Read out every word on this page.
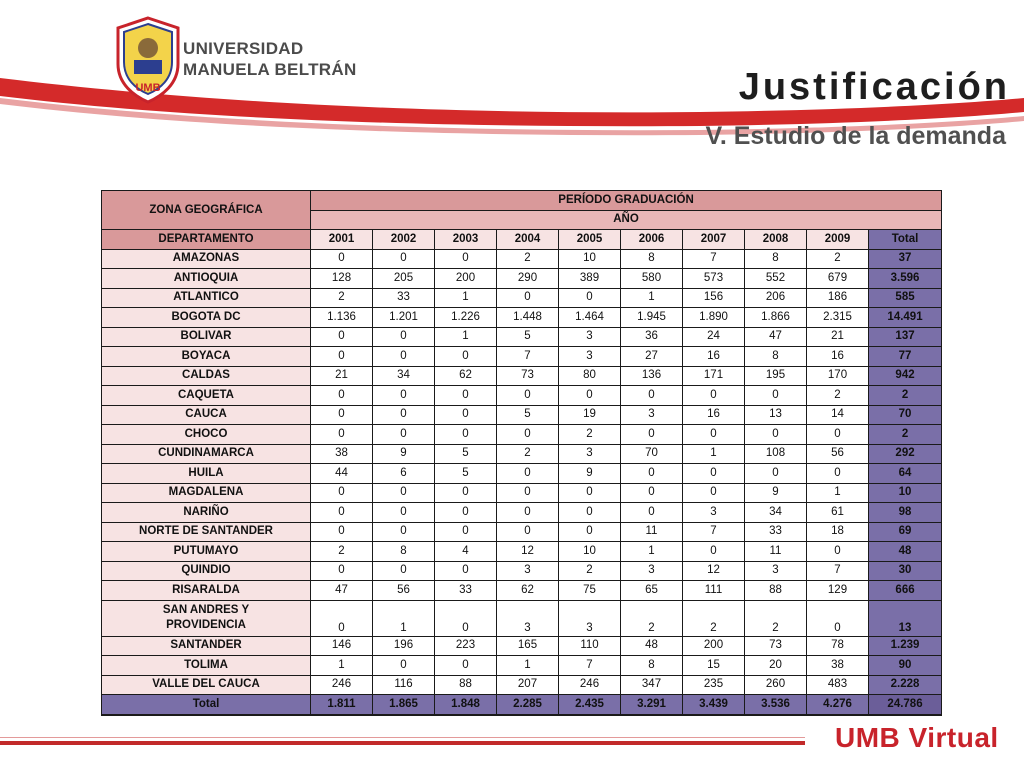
UMB
UNIVERSIDAD
MANUELA BELTRÁN	Justificación
V. Estudio de la demanda
ZONA GEOGRÁFICA	PERÍODO GRADUACIÓN									
	AÑO									
DEPARTAMENTO	2001	2002	2003	2004	2005	2006	2007	2008	2009	Total
AMAZONAS	0	0	0	2	10	8	7	8	2	37
ANTIOQUIA	128	205	200	290	389	580	573	552	679	3.596
ATLANTICO	2	33	1	0	0	1	156	206	186	585
BOGOTA DC	1.136	1.201	1.226	1.448	1.464	1.945	1.890	1.866	2.315	14.491
BOLIVAR	0	0	1	5	3	36	24	47	21	137
BOYACA	0	0	0	7	3	27	16	8	16	77
CALDAS	21	34	62	73	80	136	171	195	170	942
CAQUETA	0	0	0	0	0	0	0	0	2	2
CAUCA	0	0	0	5	19	3	16	13	14	70
CHOCO	0	0	0	0	2	0	0	0	0	2
CUNDINAMARCA	38	9	5	2	3	70	1	108	56	292
HUILA	44	6	5	0	9	0	0	0	0	64
MAGDALENA	0	0	0	0	0	0	0	9	1	10
NARIÑO	0	0	0	0	0	0	3	34	61	98
NORTE DE SANTANDER	0	0	0	0	0	11	7	33	18	69
PUTUMAYO	2	8	4	12	10	1	0	11	0	48
QUINDIO	0	0	0	3	2	3	12	3	7	30
RISARALDA	47	56	33	62	75	65	111	88	129	666

SAN ANDRES Y
PROVIDENCIA	0	1	0	3	3	2	2	2	0	13
SANTANDER	146	196	223	165	110	48	200	73	78	1.239
TOLIMA	1	0	0	1	7	8	15	20	38	90
VALLE DEL CAUCA	246	116	88	207	246	347	235	260	483	2.228
Total	1.811	1.865	1.848	2.285	2.435	3.291	3.439	3.536	4.276	24.786
UMB Virtual
